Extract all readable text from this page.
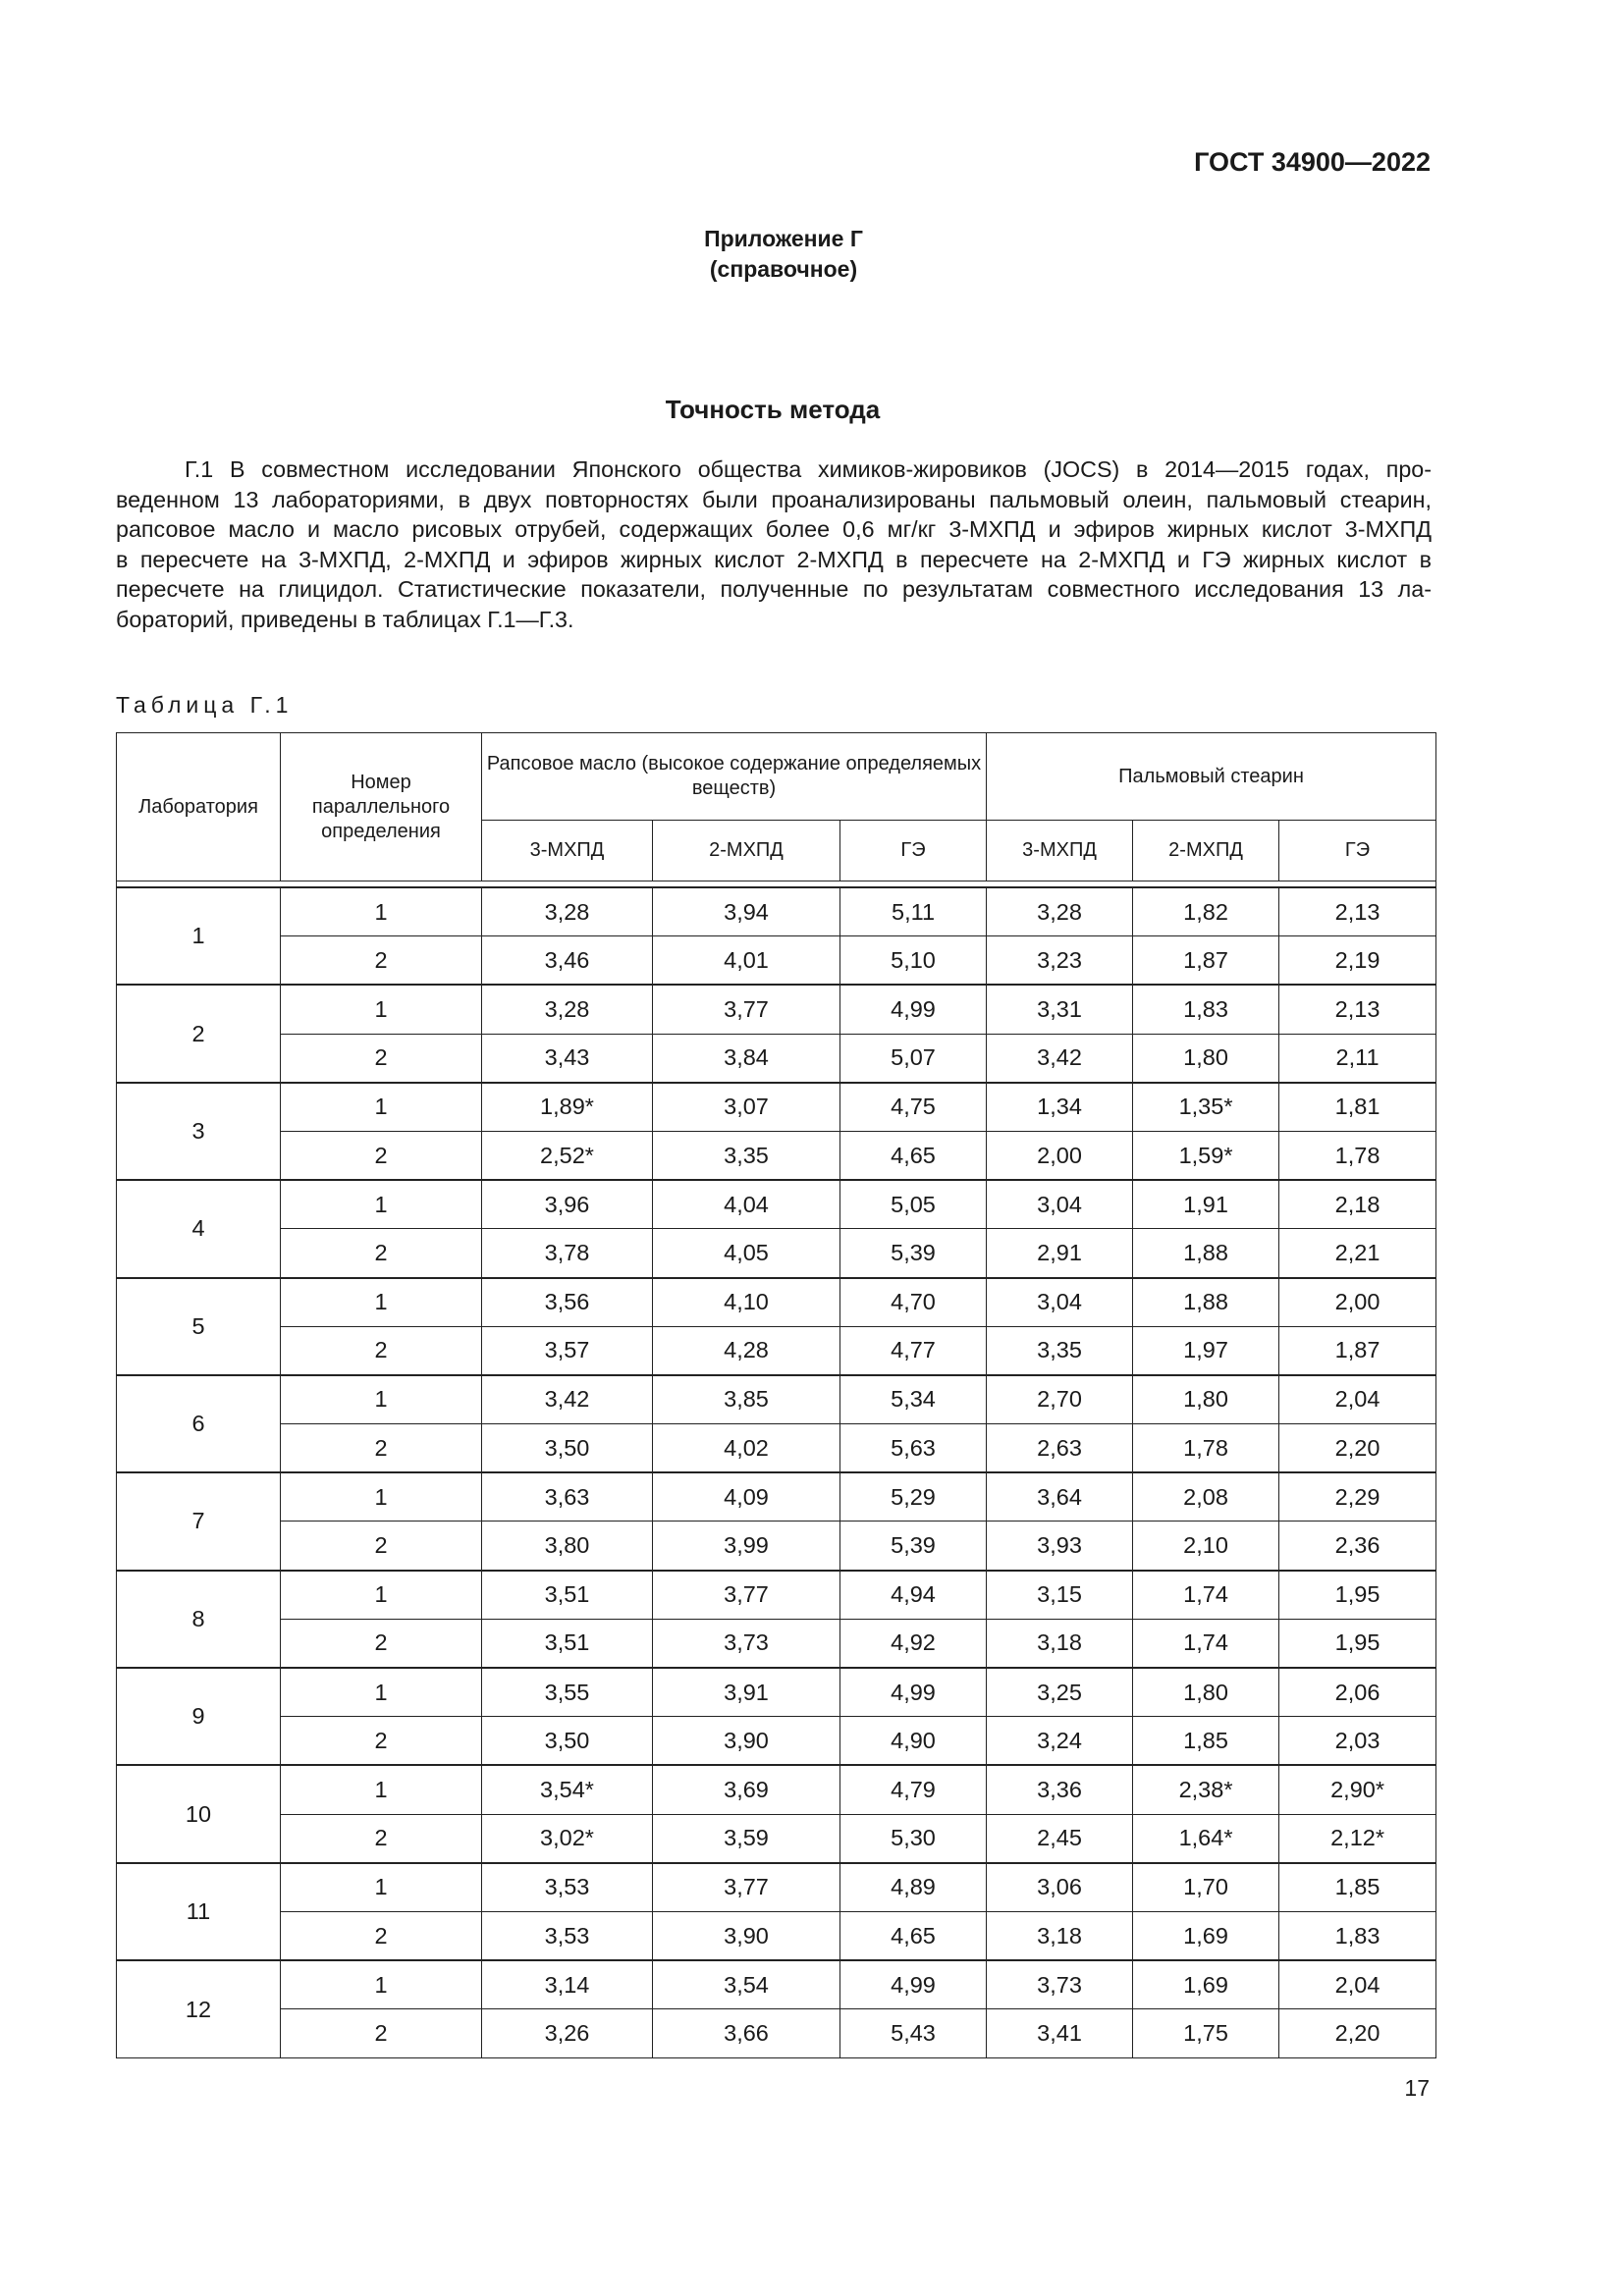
ГОСТ 34900—2022
Приложение Г
(справочное)
Точность метода
Г.1 В совместном исследовании Японского общества химиков-жировиков (JOCS) в 2014—2015 годах, про-
веденном 13 лабораториями, в двух повторностях были проанализированы пальмовый олеин, пальмовый стеарин,
рапсовое масло и масло рисовых отрубей, содержащих более 0,6 мг/кг 3-МХПД и эфиров жирных кислот 3-МХПД
в пересчете на 3-МХПД, 2-МХПД и эфиров жирных кислот 2-МХПД в пересчете на 2-МХПД и ГЭ жирных кислот в
пересчете на глицидол. Статистические показатели, полученные по результатам совместного исследования 13 ла-
бораторий, приведены в таблицах Г.1—Г.3.
Таблица Г.1
Лаборатория	Номер параллельного определения	Рапсовое масло (высокое содержание определяемых веществ)			Пальмовый стеарин		
		3-МХПД	2-МХПД	ГЭ	3-МХПД	2-МХПД	ГЭ

1	1	3,28	3,94	5,11	3,28	1,82	2,13
	2	3,46	4,01	5,10	3,23	1,87	2,19
2	1	3,28	3,77	4,99	3,31	1,83	2,13
	2	3,43	3,84	5,07	3,42	1,80	2,11
3	1	1,89*	3,07	4,75	1,34	1,35*	1,81
	2	2,52*	3,35	4,65	2,00	1,59*	1,78
4	1	3,96	4,04	5,05	3,04	1,91	2,18
	2	3,78	4,05	5,39	2,91	1,88	2,21
5	1	3,56	4,10	4,70	3,04	1,88	2,00
	2	3,57	4,28	4,77	3,35	1,97	1,87
6	1	3,42	3,85	5,34	2,70	1,80	2,04
	2	3,50	4,02	5,63	2,63	1,78	2,20
7	1	3,63	4,09	5,29	3,64	2,08	2,29
	2	3,80	3,99	5,39	3,93	2,10	2,36
8	1	3,51	3,77	4,94	3,15	1,74	1,95
	2	3,51	3,73	4,92	3,18	1,74	1,95
9	1	3,55	3,91	4,99	3,25	1,80	2,06
	2	3,50	3,90	4,90	3,24	1,85	2,03
10	1	3,54*	3,69	4,79	3,36	2,38*	2,90*
	2	3,02*	3,59	5,30	2,45	1,64*	2,12*
11	1	3,53	3,77	4,89	3,06	1,70	1,85
	2	3,53	3,90	4,65	3,18	1,69	1,83
12	1	3,14	3,54	4,99	3,73	1,69	2,04
	2	3,26	3,66	5,43	3,41	1,75	2,20
17
